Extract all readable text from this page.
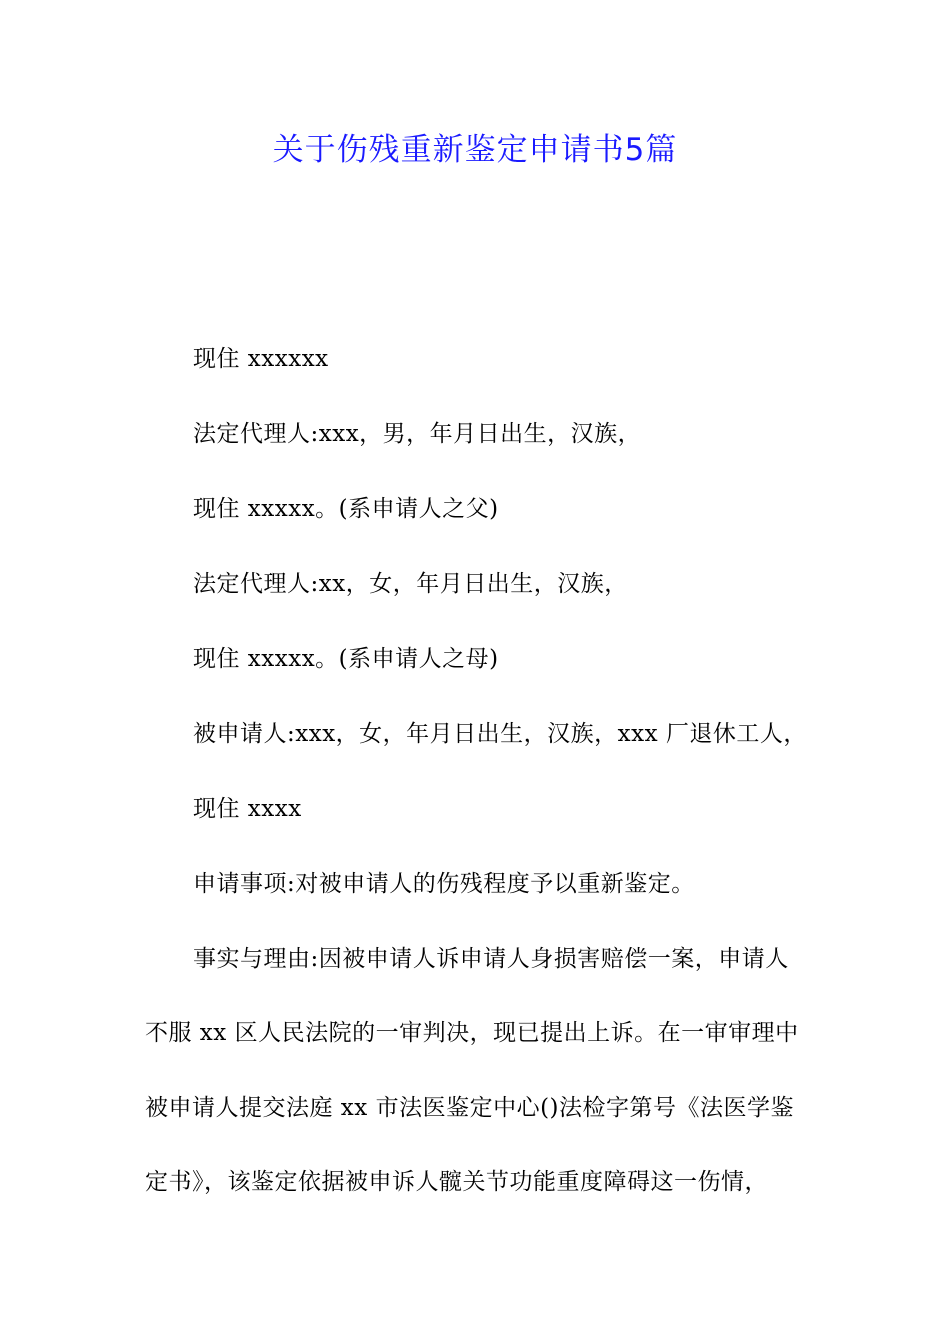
关于伤残重新鉴定申请书5篇
现住 xxxxxx
法定代理人:xxx，男，年月日出生，汉族，
现住 xxxxx。(系申请人之父)
法定代理人:xx，女，年月日出生，汉族，
现住 xxxxx。(系申请人之母)
被申请人:xxx，女，年月日出生，汉族，xxx 厂退休工人，
现住 xxxx
申请事项:对被申请人的伤残程度予以重新鉴定。
事实与理由:因被申请人诉申请人身损害赔偿一案，申请人
不服 xx 区人民法院的一审判决，现已提出上诉。在一审审理中
被申请人提交法庭 xx 市法医鉴定中心()法检字第号《法医学鉴
定书》，该鉴定依据被申诉人髋关节功能重度障碍这一伤情，
